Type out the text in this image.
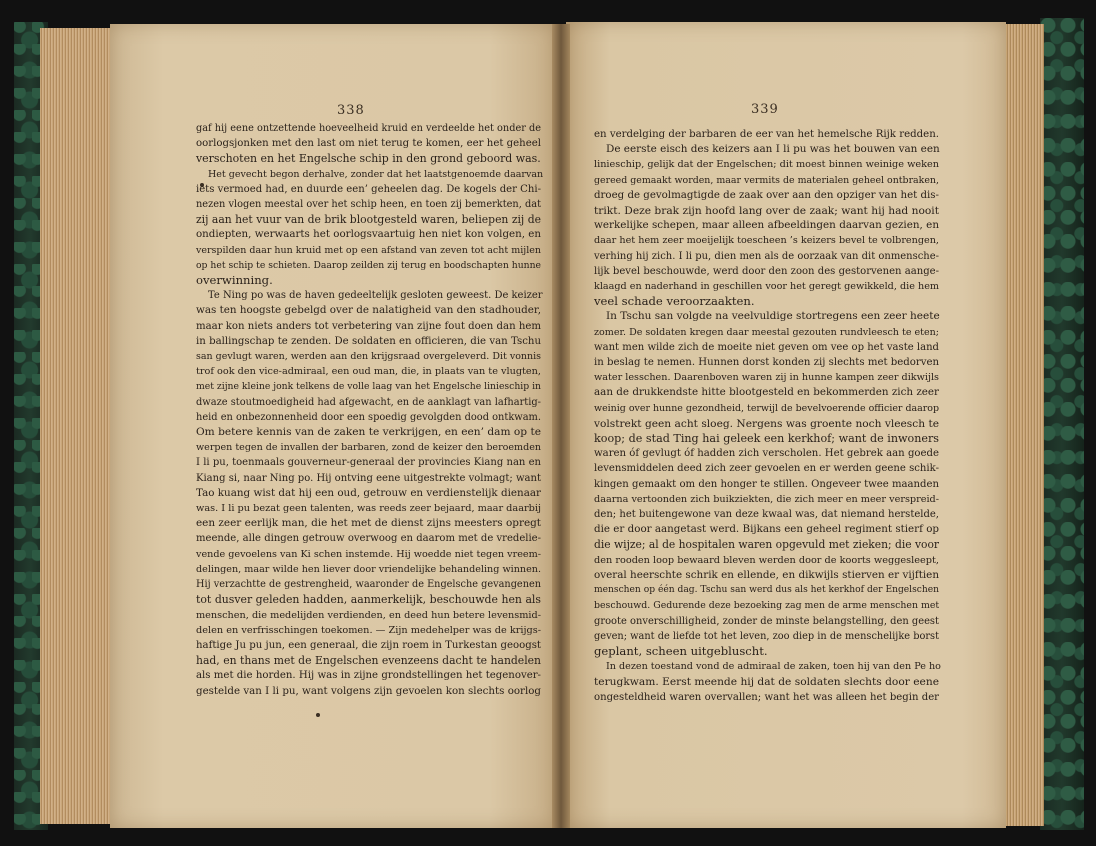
338	339
gaf hij eene ontzettende hoeveelheid kruid en verdeelde het onder de
oorlogsjonken met den last om niet terug te komen, eer het geheel
verschoten en het Engelsche schip in den grond geboord was.
Het gevecht begon derhalve, zonder dat het laatstgenoemde daarvan
iets vermoed had, en duurde een’ geheelen dag. De kogels der Chi-
nezen vlogen meestal over het schip heen, en toen zij bemerkten, dat
zij aan het vuur van de brik blootgesteld waren, beliepen zij de
ondiepten, werwaarts het oorlogsvaartuig hen niet kon volgen, en
verspilden daar hun kruid met op een afstand van zeven tot acht mijlen
op het schip te schieten. Daarop zeilden zij terug en boodschapten hunne
overwinning.
Te Ning po was de haven gedeeltelijk gesloten geweest. De keizer
was ten hoogste gebelgd over de nalatigheid van den stadhouder,
maar kon niets anders tot verbetering van zijne fout doen dan hem
in ballingschap te zenden. De soldaten en officieren, die van Tschu
san gevlugt waren, werden aan den krijgsraad overgeleverd. Dit vonnis
trof ook den vice-admiraal, een oud man, die, in plaats van te vlugten,
met zijne kleine jonk telkens de volle laag van het Engelsche linieschip in
dwaze stoutmoedigheid had afgewacht, en de aanklagt van lafhartig-
heid en onbezonnenheid door een spoedig gevolgden dood ontkwam.
Om betere kennis van de zaken te verkrijgen, en een’ dam op te
werpen tegen de invallen der barbaren, zond de keizer den beroemden
I li pu, toenmaals gouverneur-generaal der provincies Kiang nan en
Kiang si, naar Ning po. Hij ontving eene uitgestrekte volmagt; want
Tao kuang wist dat hij een oud, getrouw en verdienstelijk dienaar
was. I li pu bezat geen talenten, was reeds zeer bejaard, maar daarbij
een zeer eerlijk man, die het met de dienst zijns meesters opregt
meende, alle dingen getrouw overwoog en daarom met de vredelie-
vende gevoelens van Ki schen instemde. Hij woedde niet tegen vreem-
delingen, maar wilde hen liever door vriendelijke behandeling winnen.
Hij verzachtte de gestrengheid, waaronder de Engelsche gevangenen
tot dusver geleden hadden, aanmerkelijk, beschouwde hen als
menschen, die medelijden verdienden, en deed hun betere levensmid-
delen en verfrisschingen toekomen. — Zijn medehelper was de krijgs-
haftige Ju pu jun, een generaal, die zijn roem in Turkestan geoogst
had, en thans met de Engelschen evenzeens dacht te handelen
als met die horden. Hij was in zijne grondstellingen het tegenover-
gestelde van I li pu, want volgens zijn gevoelen kon slechts oorlog
en verdelging der barbaren de eer van het hemelsche Rijk redden.
De eerste eisch des keizers aan I li pu was het bouwen van een
linieschip, gelijk dat der Engelschen; dit moest binnen weinige weken
gereed gemaakt worden, maar vermits de materialen geheel ontbraken,
droeg de gevolmagtigde de zaak over aan den opziger van het dis-
trikt. Deze brak zijn hoofd lang over de zaak; want hij had nooit
werkelijke schepen, maar alleen afbeeldingen daarvan gezien, en
daar het hem zeer moeijelijk toescheen ’s keizers bevel te volbrengen,
verhing hij zich. I li pu, dien men als de oorzaak van dit onmensche-
lijk bevel beschouwde, werd door den zoon des gestorvenen aange-
klaagd en naderhand in geschillen voor het geregt gewikkeld, die hem
veel schade veroorzaakten.
In Tschu san volgde na veelvuldige stortregens een zeer heete
zomer. De soldaten kregen daar meestal gezouten rundvleesch te eten;
want men wilde zich de moeite niet geven om vee op het vaste land
in beslag te nemen. Hunnen dorst konden zij slechts met bedorven
water lesschen. Daarenboven waren zij in hunne kampen zeer dikwijls
aan de drukkendste hitte blootgesteld en bekommerden zich zeer
weinig over hunne gezondheid, terwijl de bevelvoerende officier daarop
volstrekt geen acht sloeg. Nergens was groente noch vleesch te
koop; de stad Ting hai geleek een kerkhof; want de inwoners
waren óf gevlugt óf hadden zich verscholen. Het gebrek aan goede
levensmiddelen deed zich zeer gevoelen en er werden geene schik-
kingen gemaakt om den honger te stillen. Ongeveer twee maanden
daarna vertoonden zich buikziekten, die zich meer en meer verspreid-
den; het buitengewone van deze kwaal was, dat niemand herstelde,
die er door aangetast werd. Bijkans een geheel regiment stierf op
die wijze; al de hospitalen waren opgevuld met zieken; die voor
den rooden loop bewaard bleven werden door de koorts weggesleept,
overal heerschte schrik en ellende, en dikwijls stierven er vijftien
menschen op één dag. Tschu san werd dus als het kerkhof der Engelschen
beschouwd. Gedurende deze bezoeking zag men de arme menschen met
groote onverschilligheid, zonder de minste belangstelling, den geest
geven; want de liefde tot het leven, zoo diep in de menschelijke borst
geplant, scheen uitgebluscht.
In dezen toestand vond de admiraal de zaken, toen hij van den Pe ho
terugkwam. Eerst meende hij dat de soldaten slechts door eene
ongesteldheid waren overvallen; want het was alleen het begin der
